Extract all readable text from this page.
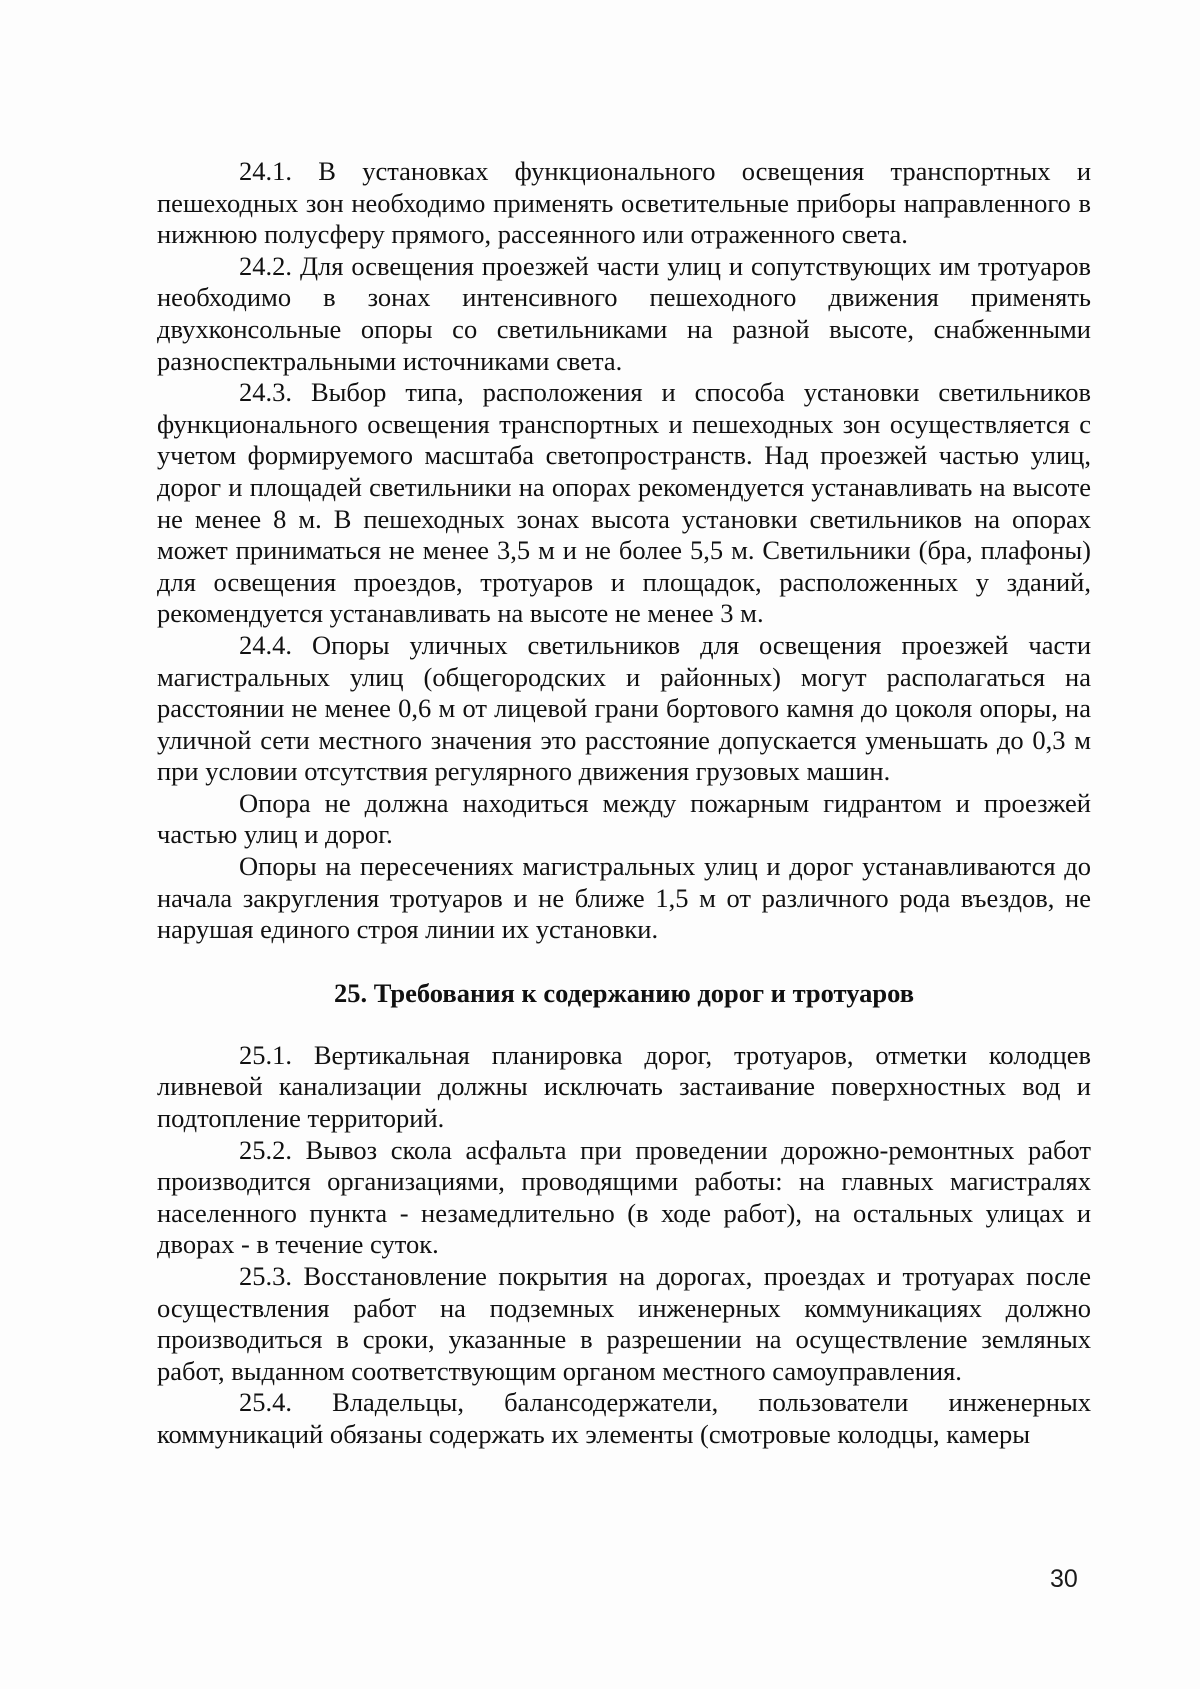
24.1. В установках функционального освещения транспортных и пешеходных зон необходимо применять осветительные приборы направленного в нижнюю полусферу прямого, рассеянного или отраженного света.

24.2. Для освещения проезжей части улиц и сопутствующих им тротуаров необходимо в зонах интенсивного пешеходного движения применять двухконсольные опоры со светильниками на разной высоте, снабженными разноспектральными источниками света.

24.3. Выбор типа, расположения и способа установки светильников функционального освещения транспортных и пешеходных зон осуществляется с учетом формируемого масштаба светопространств. Над проезжей частью улиц, дорог и площадей светильники на опорах рекомендуется устанавливать на высоте не менее 8 м. В пешеходных зонах высота установки светильников на опорах может приниматься не менее 3,5 м и не более 5,5 м. Светильники (бра, плафоны) для освещения проездов, тротуаров и площадок, расположенных у зданий, рекомендуется устанавливать на высоте не менее 3 м.

24.4. Опоры уличных светильников для освещения проезжей части магистральных улиц (общегородских и районных) могут располагаться на расстоянии не менее 0,6 м от лицевой грани бортового камня до цоколя опоры, на уличной сети местного значения это расстояние допускается уменьшать до 0,3 м при условии отсутствия регулярного движения грузовых машин.

Опора не должна находиться между пожарным гидрантом и проезжей частью улиц и дорог.

Опоры на пересечениях магистральных улиц и дорог устанавливаются до начала закругления тротуаров и не ближе 1,5 м от различного рода въездов, не нарушая единого строя линии их установки.

25. Требования к содержанию дорог и тротуаров

25.1. Вертикальная планировка дорог, тротуаров, отметки колодцев ливневой канализации должны исключать застаивание поверхностных вод и подтопление территорий.

25.2. Вывоз скола асфальта при проведении дорожно-ремонтных работ производится организациями, проводящими работы: на главных магистралях населенного пункта - незамедлительно (в ходе работ), на остальных улицах и дворах - в течение суток.

25.3. Восстановление покрытия на дорогах, проездах и тротуарах после осуществления работ на подземных инженерных коммуникациях должно производиться в сроки, указанные в разрешении на осуществление земляных работ, выданном соответствующим органом местного самоуправления.

25.4. Владельцы, балансодержатели, пользователи инженерных коммуникаций обязаны содержать их элементы (смотровые колодцы, камеры

30
